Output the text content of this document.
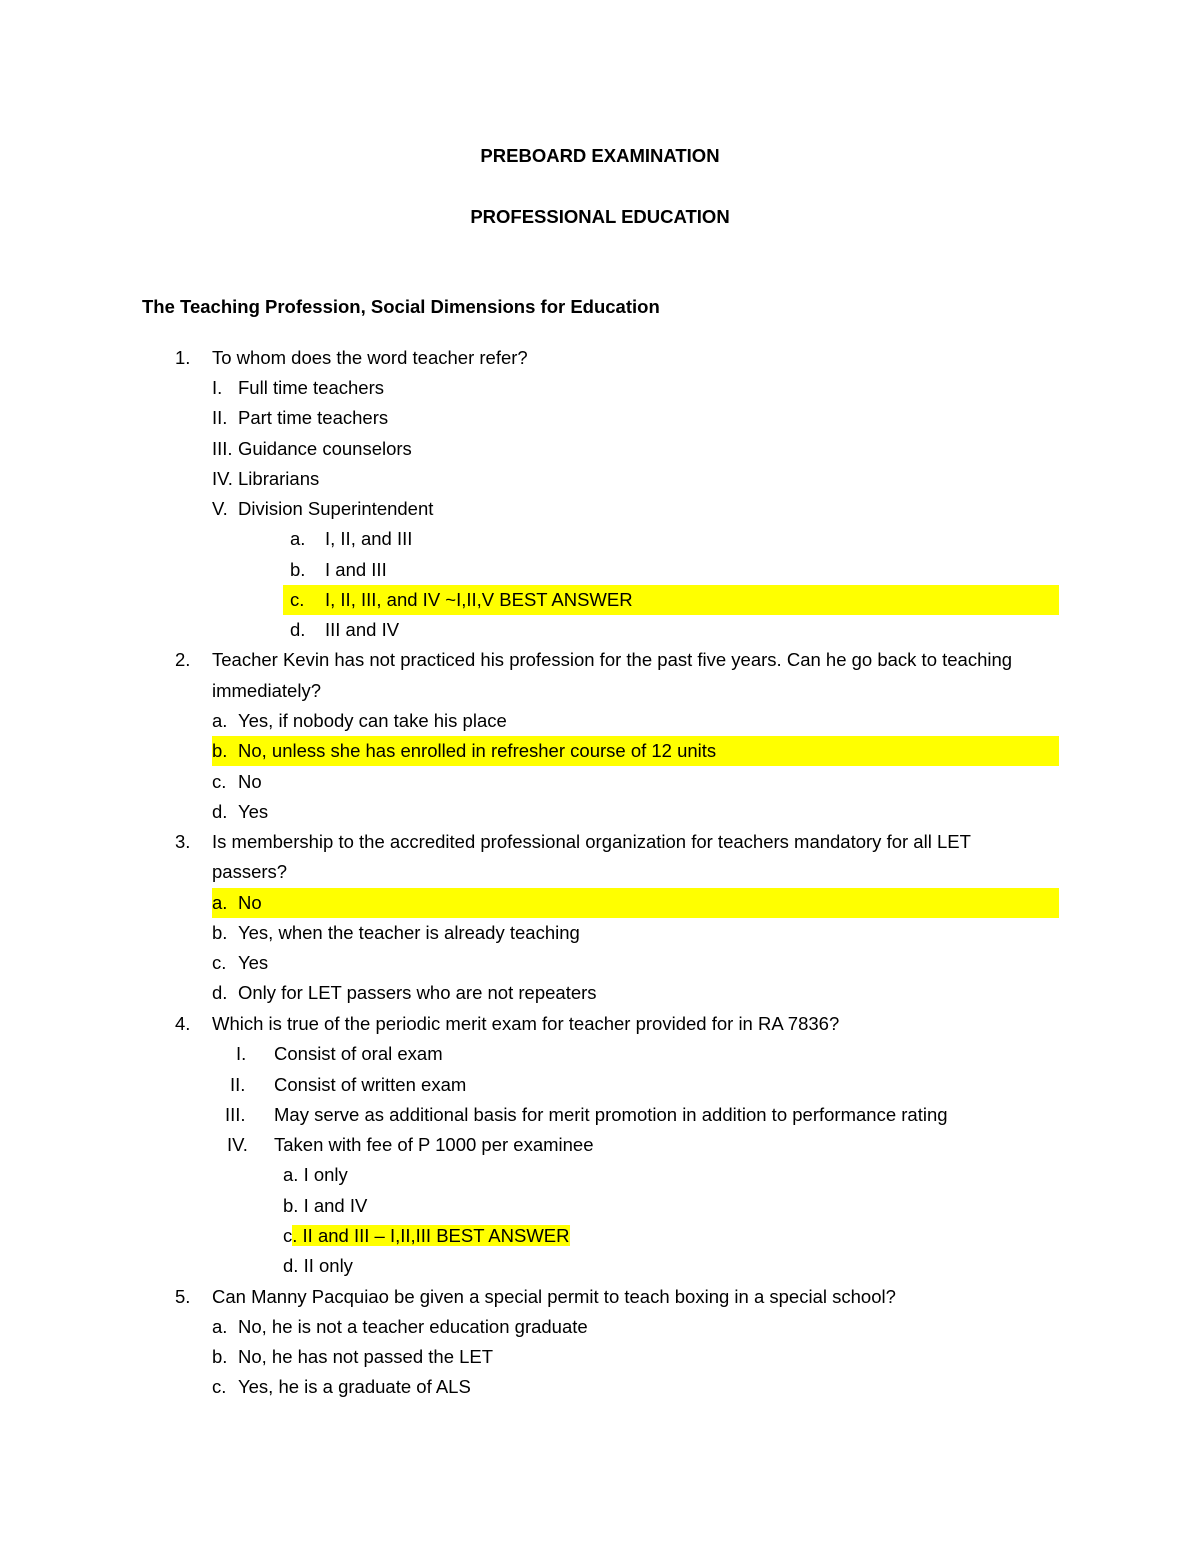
PREBOARD EXAMINATION
PROFESSIONAL EDUCATION
The Teaching Profession, Social Dimensions for Education
1. To whom does the word teacher refer?
I. Full time teachers
II. Part time teachers
III. Guidance counselors
IV. Librarians
V. Division Superintendent
a. I, II, and III
b. I and III
c. I, II, III, and IV ~I,II,V BEST ANSWER
d. III and IV
2. Teacher Kevin has not practiced his profession for the past five years. Can he go back to teaching
immediately?
a. Yes, if nobody can take his place
b. No, unless she has enrolled in refresher course of 12 units
c. No
d. Yes
3. Is membership to the accredited professional organization for teachers mandatory for all LET
passers?
a. No
b. Yes, when the teacher is already teaching
c. Yes
d. Only for LET passers who are not repeaters
4. Which is true of the periodic merit exam for teacher provided for in RA 7836?
I. Consist of oral exam
II. Consist of written exam
III. May serve as additional basis for merit promotion in addition to performance rating
IV. Taken with fee of P 1000 per examinee
a. I only
b. I and IV
c. II and III – I,II,III BEST ANSWER
d. II only
5. Can Manny Pacquiao be given a special permit to teach boxing in a special school?
a. No, he is not a teacher education graduate
b. No, he has not passed the LET
c. Yes, he is a graduate of ALS
